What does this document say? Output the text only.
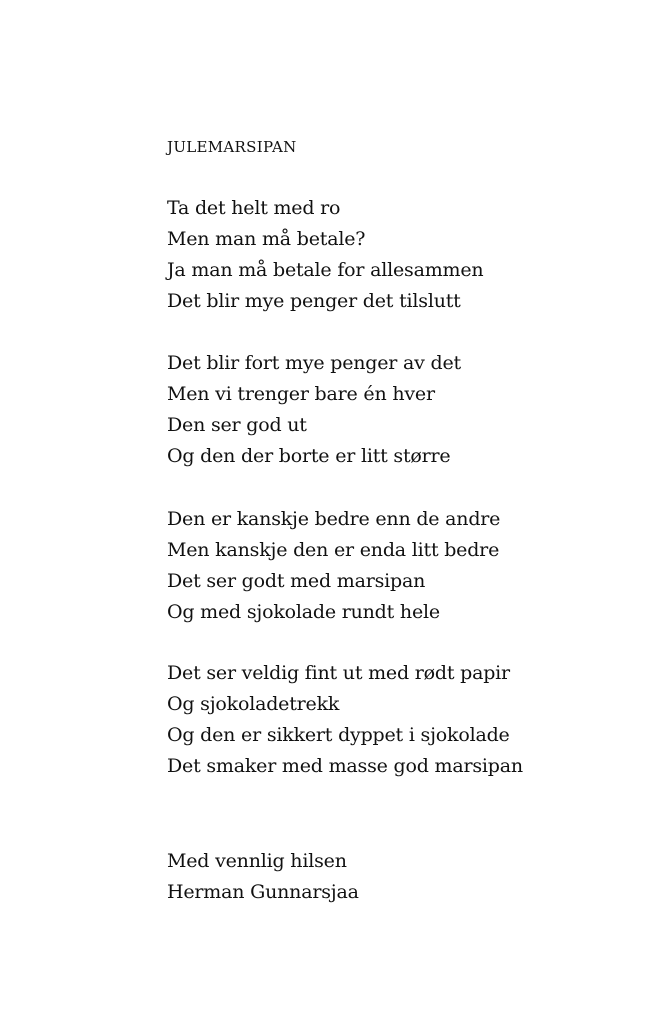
JULEMARSIPAN
Ta det helt med ro
Men man må betale?
Ja man må betale for allesammen
Det blir mye penger det tilslutt
Det blir fort mye penger av det
Men vi trenger bare én hver
Den ser god ut
Og den der borte er litt større
Den er kanskje bedre enn de andre
Men kanskje den er enda litt bedre
Det ser godt med marsipan
Og med sjokolade rundt hele
Det ser veldig fint ut med rødt papir
Og sjokoladetrekk
Og den er sikkert dyppet i sjokolade
Det smaker med masse god marsipan
Med vennlig hilsen
Herman Gunnarsjaa
